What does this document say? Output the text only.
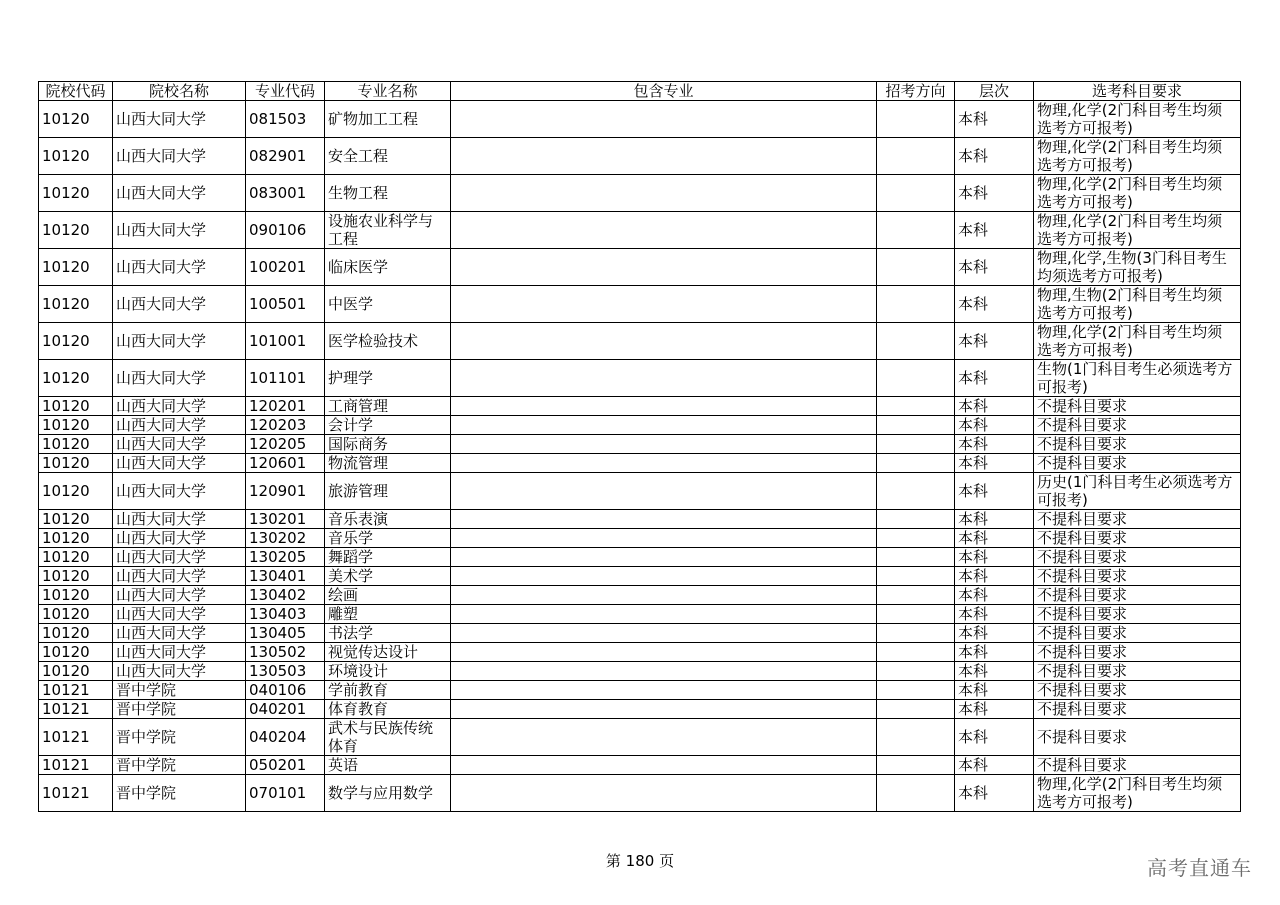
院校代码	院校名称	专业代码	专业名称	包含专业	招考方向	层次	选考科目要求
10120	山西大同大学	081503	矿物加工工程			本科	物理,化学(2门科目考生均须选考方可报考)
10120	山西大同大学	082901	安全工程			本科	物理,化学(2门科目考生均须选考方可报考)
10120	山西大同大学	083001	生物工程			本科	物理,化学(2门科目考生均须选考方可报考)
10120	山西大同大学	090106	设施农业科学与工程			本科	物理,化学(2门科目考生均须选考方可报考)
10120	山西大同大学	100201	临床医学			本科	物理,化学,生物(3门科目考生均须选考方可报考)
10120	山西大同大学	100501	中医学			本科	物理,生物(2门科目考生均须选考方可报考)
10120	山西大同大学	101001	医学检验技术			本科	物理,化学(2门科目考生均须选考方可报考)
10120	山西大同大学	101101	护理学			本科	生物(1门科目考生必须选考方可报考)
10120	山西大同大学	120201	工商管理			本科	不提科目要求
10120	山西大同大学	120203	会计学			本科	不提科目要求
10120	山西大同大学	120205	国际商务			本科	不提科目要求
10120	山西大同大学	120601	物流管理			本科	不提科目要求
10120	山西大同大学	120901	旅游管理			本科	历史(1门科目考生必须选考方可报考)
10120	山西大同大学	130201	音乐表演			本科	不提科目要求
10120	山西大同大学	130202	音乐学			本科	不提科目要求
10120	山西大同大学	130205	舞蹈学			本科	不提科目要求
10120	山西大同大学	130401	美术学			本科	不提科目要求
10120	山西大同大学	130402	绘画			本科	不提科目要求
10120	山西大同大学	130403	雕塑			本科	不提科目要求
10120	山西大同大学	130405	书法学			本科	不提科目要求
10120	山西大同大学	130502	视觉传达设计			本科	不提科目要求
10120	山西大同大学	130503	环境设计			本科	不提科目要求
10121	晋中学院	040106	学前教育			本科	不提科目要求
10121	晋中学院	040201	体育教育			本科	不提科目要求
10121	晋中学院	040204	武术与民族传统体育			本科	不提科目要求
10121	晋中学院	050201	英语			本科	不提科目要求
10121	晋中学院	070101	数学与应用数学			本科	物理,化学(2门科目考生均须选考方可报考)
第 180 页	高考直通车
